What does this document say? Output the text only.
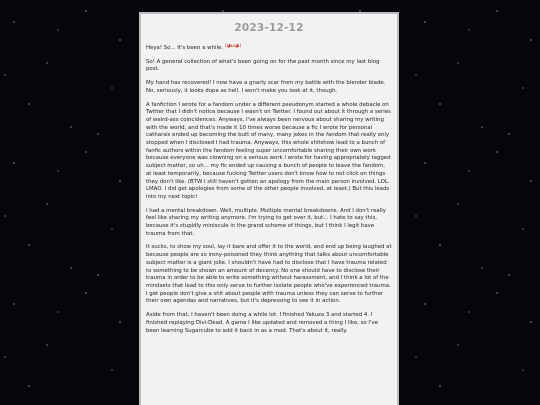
2023-12-12

Heya! So... It's been a while. (◕ω◕)

So! A general collection of what's been going on for the past month since my last blog post.

My hand has recovered! I now have a gnarly scar from my battle with the blender blade. No, seriously, it looks dope as hell. I won't make you look at it, though.

A fanfiction I wrote for a fandom under a different pseudonym started a whole debacle on Twitter that I didn't notice because I wasn't on Twitter. I found out about it through a series of weird-ass coincidences. Anyways, I've always been nervous about sharing my writing with the world, and that's made it 10 times worse because a fic I wrote for personal catharsis ended up becoming the butt of many, many jokes in the fandom that really only stopped when I disclosed I had trauma. Anyways, this whole shitshow lead to a bunch of fanfic authors within the fandom feeling super uncomfortable sharing their own work because everyone was clowning on a serious work I wrote for having appropriately tagged subject matter, so uh... my fic ended up causing a bunch of people to leave the fandom, at least temporarily, because fucking Twitter users don't know how to not click on things they don't like. (BTW I still haven't gotten an apology from the main person involved. LOL. LMAO. I did get apologies from some of the other people involved, at least.) But this leads into my next topic!

I had a mental breakdown. Well, multiple. Multiple mental breakdowns. And I don't really feel like sharing my writing anymore. I'm trying to get over it, but... I hate to say this, because it's stupidly miniscule in the grand scheme of things, but I think I legit have trauma from that.

It sucks, to show my soul, lay it bare and offer it to the world, and end up being laughed at because people are so irony-poisoned they think anything that talks about uncomfortable subject matter is a giant joke. I shouldn't have had to disclose that I have trauma related to something to be shown an amount of decency. No one should have to disclose their trauma in order to be able to write something without harassment, and I think a lot of the mindsets that lead to this only serve to further isolate people who've experienced trauma. I get people don't give a shit about people with trauma unless they can serve to further their own agendas and narratives, but it's depressing to see it in action.

Aside from that, I haven't been doing a while lot. I finished Yakuza 3 and started 4. I finished replaying Divi-Dead. A game I like updated and removed a thing I like, so I've been learning Sugarcube to add it back in as a mod. That's about it, really.
